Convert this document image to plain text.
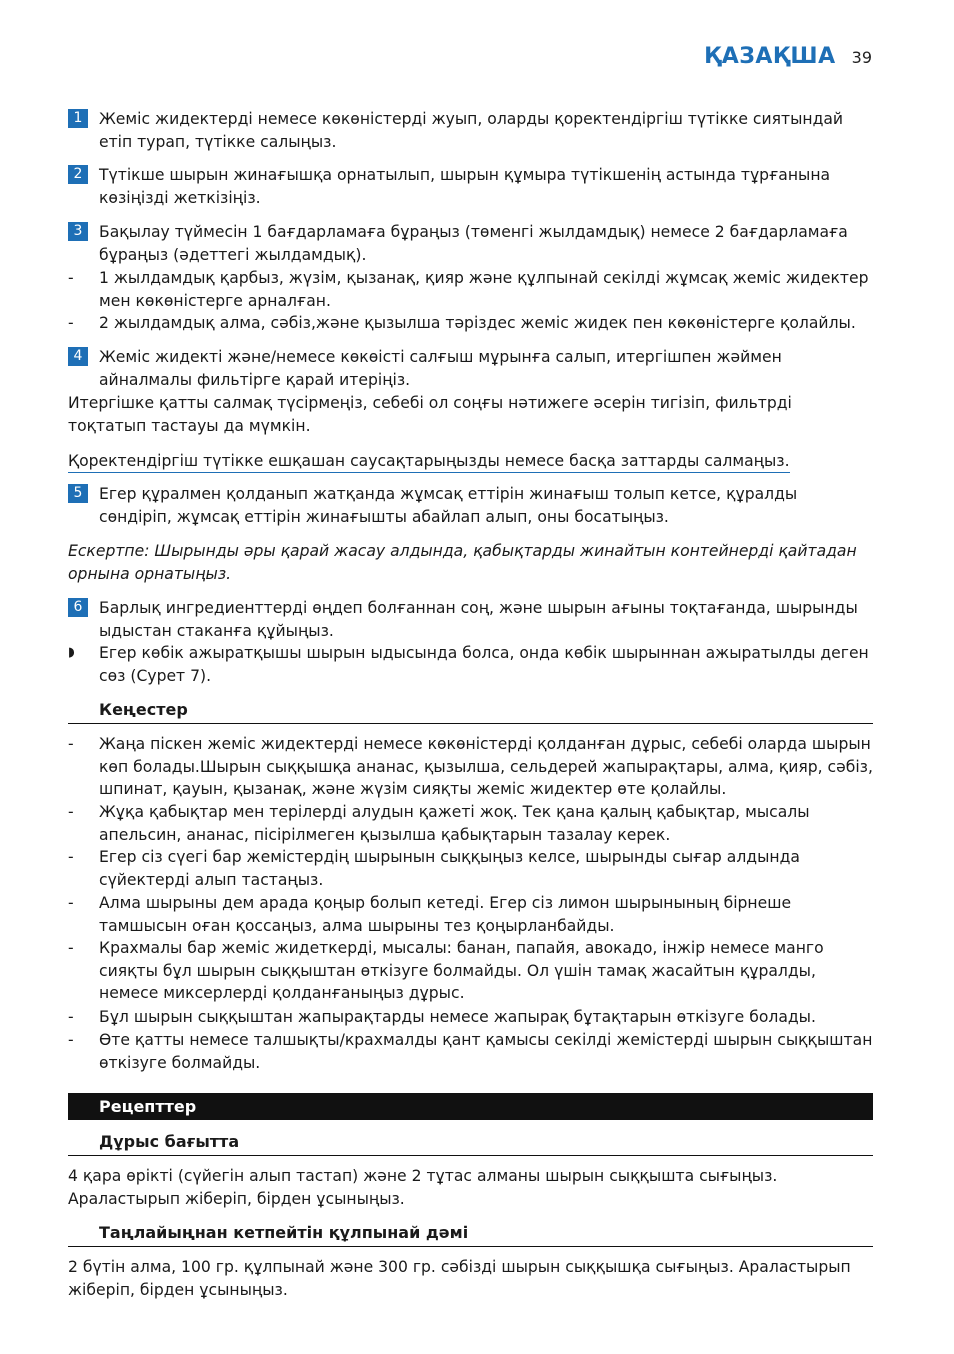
ҚАЗАҚША 39
1	Жеміс жидектерді немесе көкөністерді жуып, оларды қоректендіргіш түтікке сиятындай етіп турап, түтікке салыңыз.
2	Түтікше шырын жинағышқа орнатылып, шырын құмыра түтікшенің астында тұрғанына көзіңізді жеткізіңіз.
3	Бақылау түймесін 1 бағдарламаға бұраңыз (төменгі жылдамдық) немесе 2 бағдарламаға бұраңыз (әдеттегі жылдамдық).
-	1 жылдамдық қарбыз, жүзім, қызанақ, қияр және құлпынай секілді жұмсақ жеміс жидектер мен көкөністерге арналған.
-	2 жылдамдық алма, сәбіз,және қызылша тәріздес жеміс жидек пен көкөністерге қолайлы.
4	Жеміс жидекті және/немесе көкөісті салғыш мұрынға салып, итергішпен жәймен айналмалы фильтірге қарай итеріңіз.
Итергішке қатты салмақ түсірмеңіз, себебі ол соңғы нәтижеге әсерін тигізіп, фильтрді тоқтатып тастауы да мүмкін.
Қоректендіргіш түтікке ешқашан саусақтарыңызды немесе басқа заттарды салмаңыз.
5	Егер құралмен қолданып жатқанда жұмсақ еттірін жинағыш толып кетсе, құралды сөндіріп, жұмсақ еттірін жинағышты абайлап алып, оны босатыңыз.
Ескертпе: Шырынды әры қарай жасау алдында, қабықтарды жинайтын контейнерді қайтадан орнына орнатыңыз.
6	Барлық ингредиенттерді өңдеп болғаннан соң, және шырын ағыны тоқтағанда, шырынды ыдыстан стаканға құйыңыз.
◗	Егер көбік ажыратқышы шырын ыдысында болса, онда көбік шырыннан ажыратылды деген сөз (Сурет 7).
Кеңестер
-	Жаңа піскен жеміс жидектерді немесе көкөністерді қолданған дұрыс, себебі оларда шырын көп болады.Шырын сыққышқа ананас, қызылша, сельдерей жапырақтары, алма, қияр, сәбіз, шпинат, қауын, қызанақ, және жүзім сияқты жеміс жидектер өте қолайлы.
-	Жұқа қабықтар мен терілерді алудын қажеті жоқ. Тек қана қалың қабықтар, мысалы апельсин, ананас, пісірілмеген қызылша қабықтарын тазалау керек.
-	Егер сіз сүегі бар жемістердің шырынын сыққыңыз келсе, шырынды сығар алдында сүйектерді алып тастаңыз.
-	Алма шырыны дем арада қоңыр болып кетеді. Егер сіз лимон шырынының бірнеше тамшысын оған қоссаңыз, алма шырыны тез қоңырланбайды.
-	Крахмалы бар жеміс жидеткерді, мысалы: банан, папайя, авокадо, інжір немесе манго сияқты бұл шырын сыққыштан өткізуге болмайды. Ол үшін тамақ жасайтын құралды, немесе миксерлерді қолданғаныңыз дұрыс.
-	Бұл шырын сыққыштан жапырақтарды немесе жапырақ бұтақтарын өткізуге болады.
-	Өте қатты немесе талшықты/крахмалды қант қамысы секілді жемістерді шырын сыққыштан өткізуге болмайды.
Рецепттер
Дұрыс бағытта
4 қара өрікті (сүйегін алып тастап) және 2 тұтас алманы шырын сыққышта сығыңыз. Араластырып жіберіп, бірден ұсыныңыз.
Таңлайыңнан кетпейтін құлпынай дәмі
2 бүтін алма, 100 гр. құлпынай және 300 гр. сәбізді шырын сыққышқа сығыңыз. Араластырып жіберіп, бірден ұсыныңыз.
